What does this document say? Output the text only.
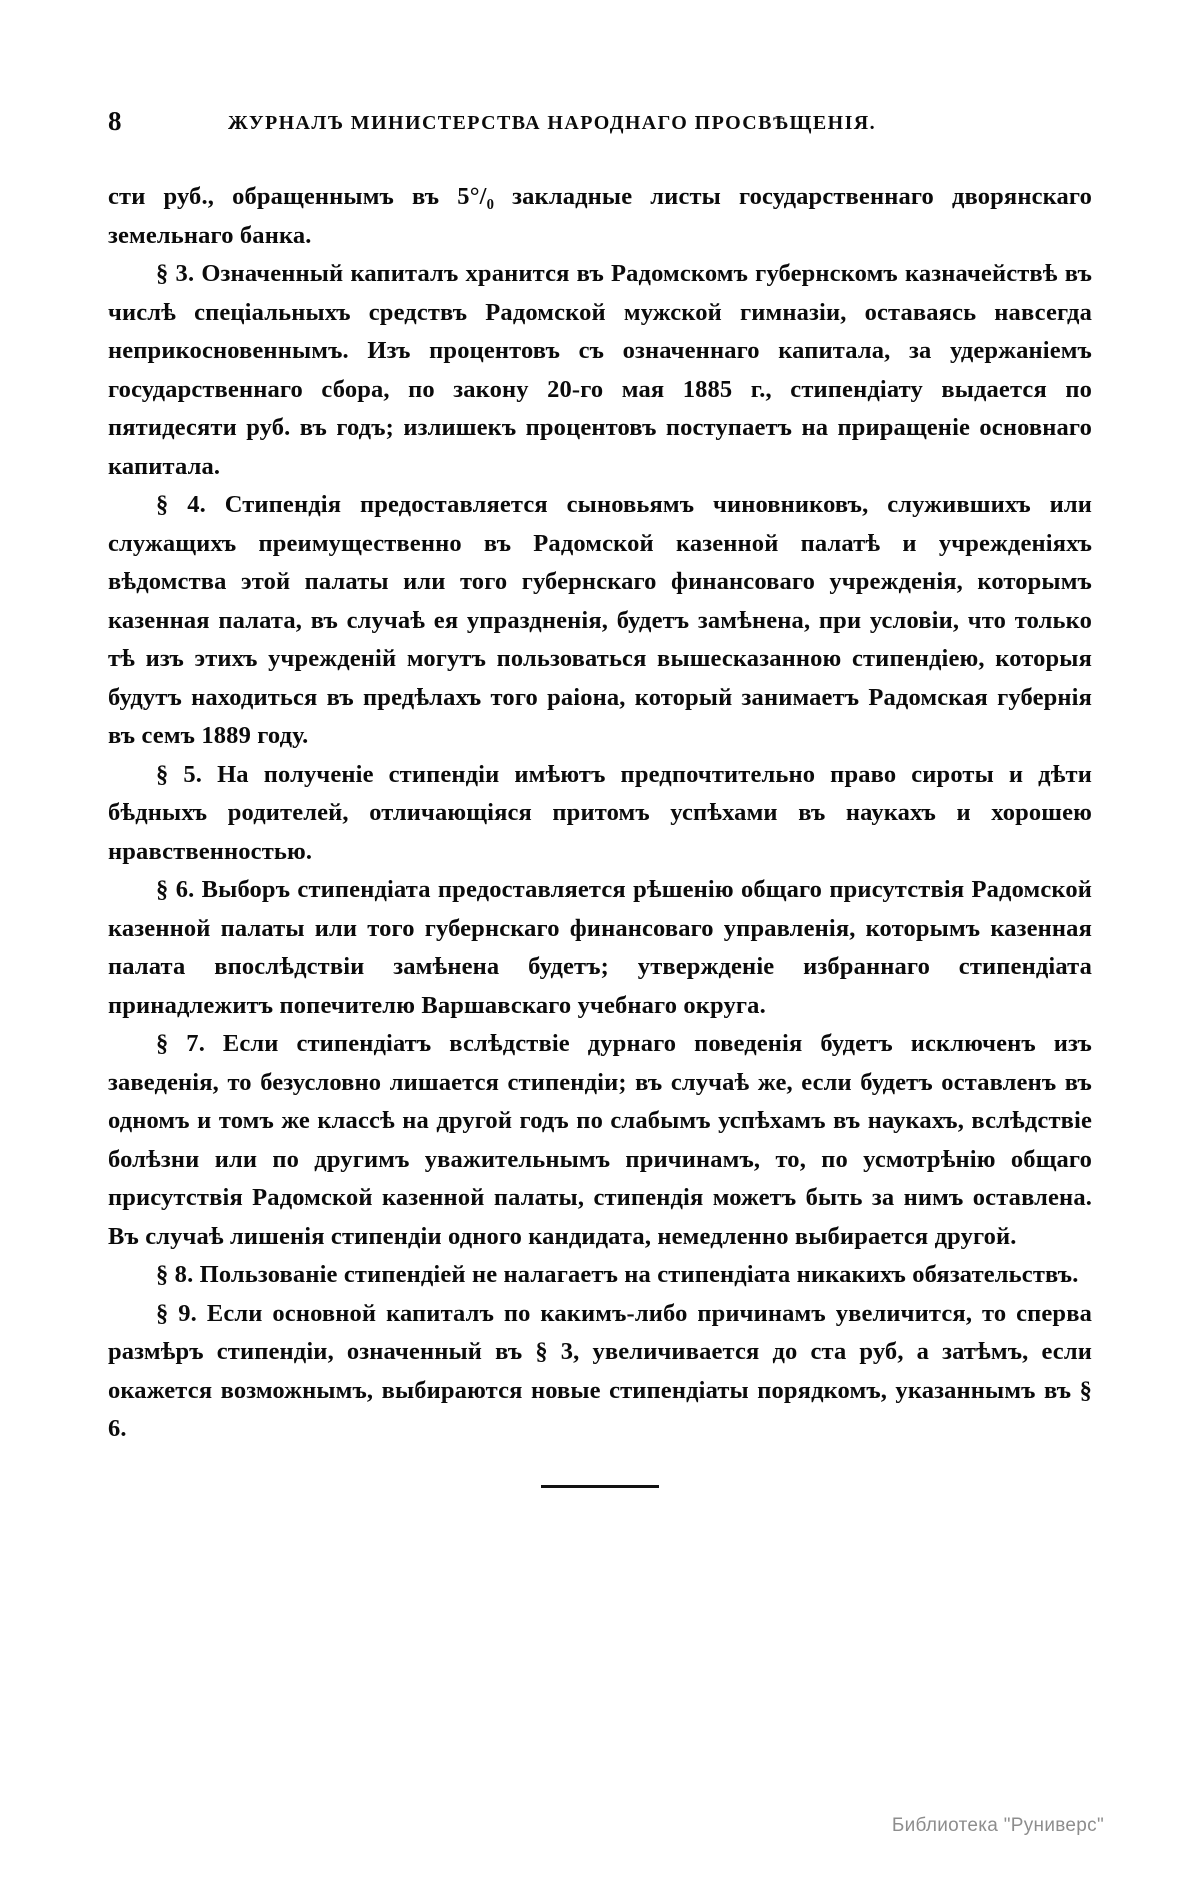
8	ЖУРНАЛЪ МИНИСТЕРСТВА НАРОДНАГО ПРОСВѢЩЕНІЯ.

сти руб., обращеннымъ въ 5°/₀ закладные листы государственнаго дворянскаго земельнаго банка.

§ 3. Означенный капиталъ хранится въ Радомскомъ губернскомъ казначействѣ въ числѣ спеціальныхъ средствъ Радомской мужской гимназіи, оставаясь навсегда неприкосновеннымъ. Изъ процентовъ съ означеннаго капитала, за удержаніемъ государственнаго сбора, по закону 20-го мая 1885 г., стипендіату выдается по пятидесяти руб. въ годъ; излишекъ процентовъ поступаетъ на приращеніе основнаго капитала.

§ 4. Стипендія предоставляется сыновьямъ чиновниковъ, служившихъ или служащихъ преимущественно въ Радомской казенной палатѣ и учрежденіяхъ вѣдомства этой палаты или того губернскаго финансоваго учрежденія, которымъ казенная палата, въ случаѣ ея упраздненія, будетъ замѣнена, при условіи, что только тѣ изъ этихъ учрежденій могутъ пользоваться вышесказанною стипендіею, которыя будутъ находиться въ предѣлахъ того раіона, который занимаетъ Радомская губернія въ семъ 1889 году.

§ 5. На полученіе стипендіи имѣютъ предпочтительно право сироты и дѣти бѣдныхъ родителей, отличающіяся притомъ успѣхами въ наукахъ и хорошею нравственностью.

§ 6. Выборъ стипендіата предоставляется рѣшенію общаго присутствія Радомской казенной палаты или того губернскаго финансоваго управленія, которымъ казенная палата впослѣдствіи замѣнена будетъ; утвержденіе избраннаго стипендіата принадлежитъ попечителю Варшавскаго учебнаго округа.

§ 7. Если стипендіатъ вслѣдствіе дурнаго поведенія будетъ исключенъ изъ заведенія, то безусловно лишается стипендіи; въ случаѣ же, если будетъ оставленъ въ одномъ и томъ же классѣ на другой годъ по слабымъ успѣхамъ въ наукахъ, вслѣдствіе болѣзни или по другимъ уважительнымъ причинамъ, то, по усмотрѣнію общаго присутствія Радомской казенной палаты, стипендія можетъ быть за нимъ оставлена. Въ случаѣ лишенія стипендіи одного кандидата, немедленно выбирается другой.

§ 8. Пользованіе стипендіей не налагаетъ на стипендіата никакихъ обязательствъ.

§ 9. Если основной капиталъ по какимъ-либо причинамъ увеличится, то сперва размѣръ стипендіи, означенный въ § 3, увеличивается до ста руб, а затѣмъ, если окажется возможнымъ, выбираются новые стипендіаты порядкомъ, указаннымъ въ § 6.

Библиотека "Руниверс"
